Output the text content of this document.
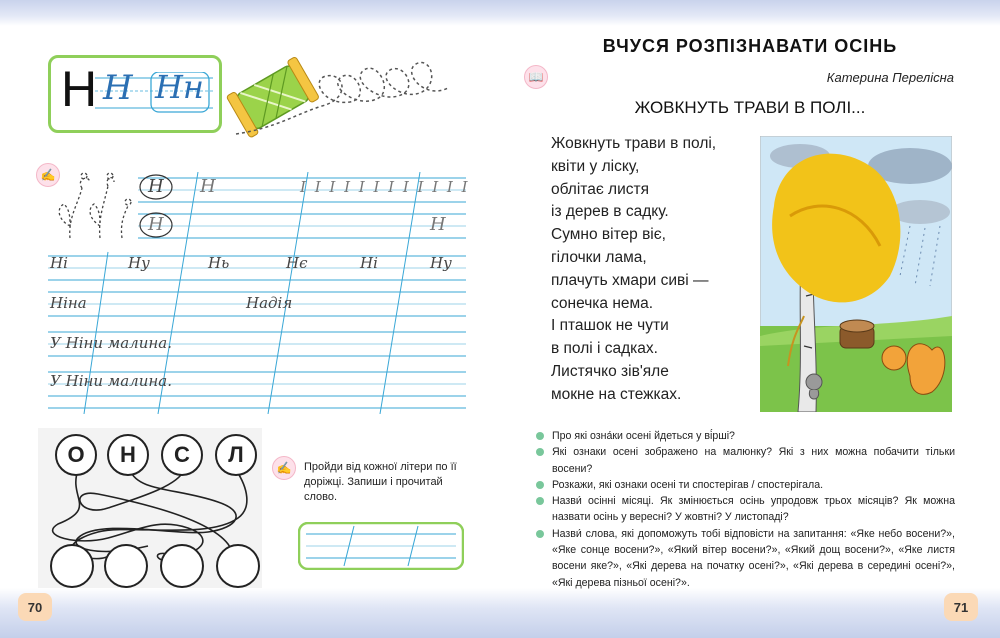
Н Н Нн
✍
Н Н	I I I I I I I I I I I I
Н	Н
Ні	Ну	Нь	Нє	Ні	Ну
Ніна	Надія
У Ніни малина.
У Ніни малина.
О	Н	С	Л
✍	Пройди від кожної літери по її доріжці. Запиши і прочитай слово.
70
ВЧУСЯ РОЗПІЗНАВАТИ ОСІНЬ
📖	Катерина Перелісна
ЖОВКНУТЬ ТРАВИ В ПОЛІ...
Жовкнуть трави в полі,
квіти у ліску,
облітає листя
із дерев в садку.
Сумно вітер віє,
гілочки лама,
плачуть хмари сиві —
сонечка нема.
І пташок не чути
в полі і садках.
Листячко зів'яле
мокне на стежках.
Про які озна́ки осені йдеться у ві́рші?
Які ознаки осені зображено на малюнку? Які з них можна побачити тільки восени?
Розкажи, які ознаки осені ти спостерігав / спостерігала.
Назви́ осінні місяці. Як змінюється осінь упродовж трьох місяців? Як можна назвати осінь у вересні? У жовтні? У листопаді?
Назви́ слова, які допоможуть тобі відповісти на запитання: «Яке небо восени?», «Яке сонце восени?», «Який вітер восени?», «Який дощ восени?», «Яке листя восени яке?», «Які дерева на початку осені?», «Які дерева в середині осені?», «Які дерева пізньої осені?».
71
